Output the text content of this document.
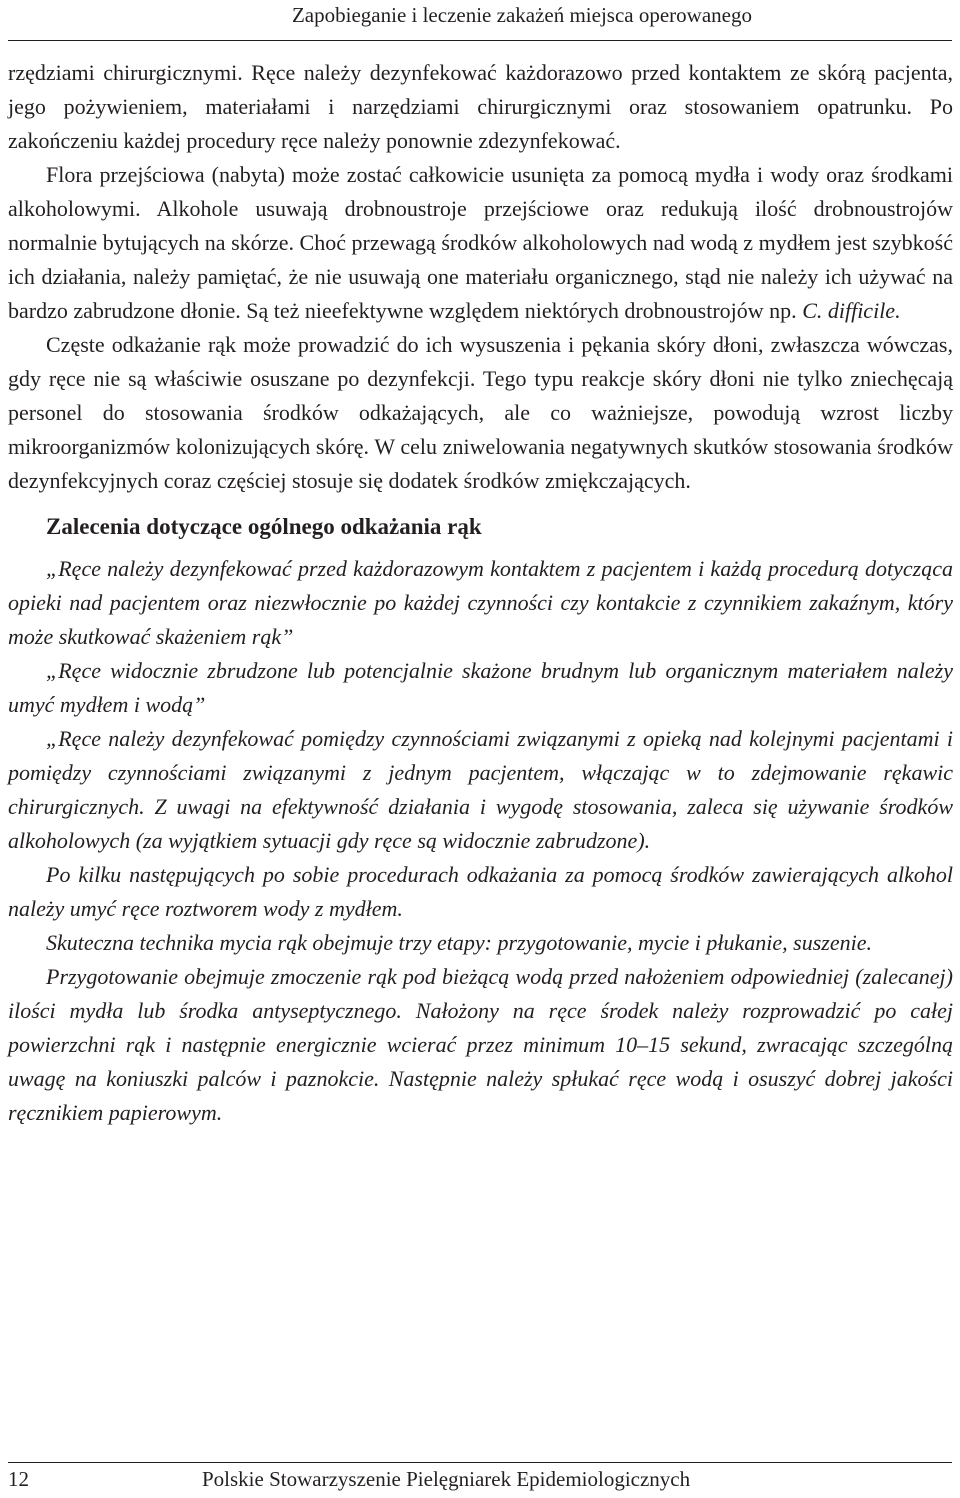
Zapobieganie i leczenie zakażeń miejsca operowanego

rzędziami chirurgicznymi. Ręce należy dezynfekować każdorazowo przed kontaktem ze skórą pacjenta, jego pożywieniem, materiałami i narzędziami chirurgicznymi oraz stosowaniem opatrunku. Po zakończeniu każdej procedury ręce należy ponownie zdezynfekować.

Flora przejściowa (nabyta) może zostać całkowicie usunięta za pomocą mydła i wody oraz środkami alkoholowymi. Alkohole usuwają drobnoustroje przejściowe oraz redukują ilość drobnoustrojów normalnie bytujących na skórze. Choć przewagą środków alkoholowych nad wodą z mydłem jest szybkość ich działania, należy pamiętać, że nie usuwają one materiału organicznego, stąd nie należy ich używać na bardzo zabrudzone dłonie. Są też nieefektywne względem niektórych drobnoustrojów np. C. difficile.

Częste odkażanie rąk może prowadzić do ich wysuszenia i pękania skóry dłoni, zwłaszcza wówczas, gdy ręce nie są właściwie osuszane po dezynfekcji. Tego typu reakcje skóry dłoni nie tylko zniechęcają personel do stosowania środków odkażających, ale co ważniejsze, powodują wzrost liczby mikroorganizmów kolonizujących skórę. W celu zniwelowania negatywnych skutków stosowania środków dezynfekcyjnych coraz częściej stosuje się dodatek środków zmiękczających.

Zalecenia dotyczące ogólnego odkażania rąk

„Ręce należy dezynfekować przed każdorazowym kontaktem z pacjentem i każdą procedurą dotycząca opieki nad pacjentem oraz niezwłocznie po każdej czynności czy kontakcie z czynnikiem zakaźnym, który może skutkować skażeniem rąk”

„Ręce widocznie zbrudzone lub potencjalnie skażone brudnym lub organicznym materiałem należy umyć mydłem i wodą”

„Ręce należy dezynfekować pomiędzy czynnościami związanymi z opieką nad kolejnymi pacjentami i pomiędzy czynnościami związanymi z jednym pacjentem, włączając w to zdejmowanie rękawic chirurgicznych. Z uwagi na efektywność działania i wygodę stosowania, zaleca się używanie środków alkoholowych (za wyjątkiem sytuacji gdy ręce są widocznie zabrudzone).

Po kilku następujących po sobie procedurach odkażania za pomocą środków zawierających alkohol należy umyć ręce roztworem wody z mydłem.

Skuteczna technika mycia rąk obejmuje trzy etapy: przygotowanie, mycie i płukanie, suszenie.

Przygotowanie obejmuje zmoczenie rąk pod bieżącą wodą przed nałożeniem odpowiedniej (zalecanej) ilości mydła lub środka antyseptycznego. Nałożony na ręce środek należy rozprowadzić po całej powierzchni rąk i następnie energicznie wcierać przez minimum 10–15 sekund, zwracając szczególną uwagę na koniuszki palców i paznokcie. Następnie należy spłukać ręce wodą i osuszyć dobrej jakości ręcznikiem papierowym.

12	Polskie Stowarzyszenie Pielęgniarek Epidemiologicznych
